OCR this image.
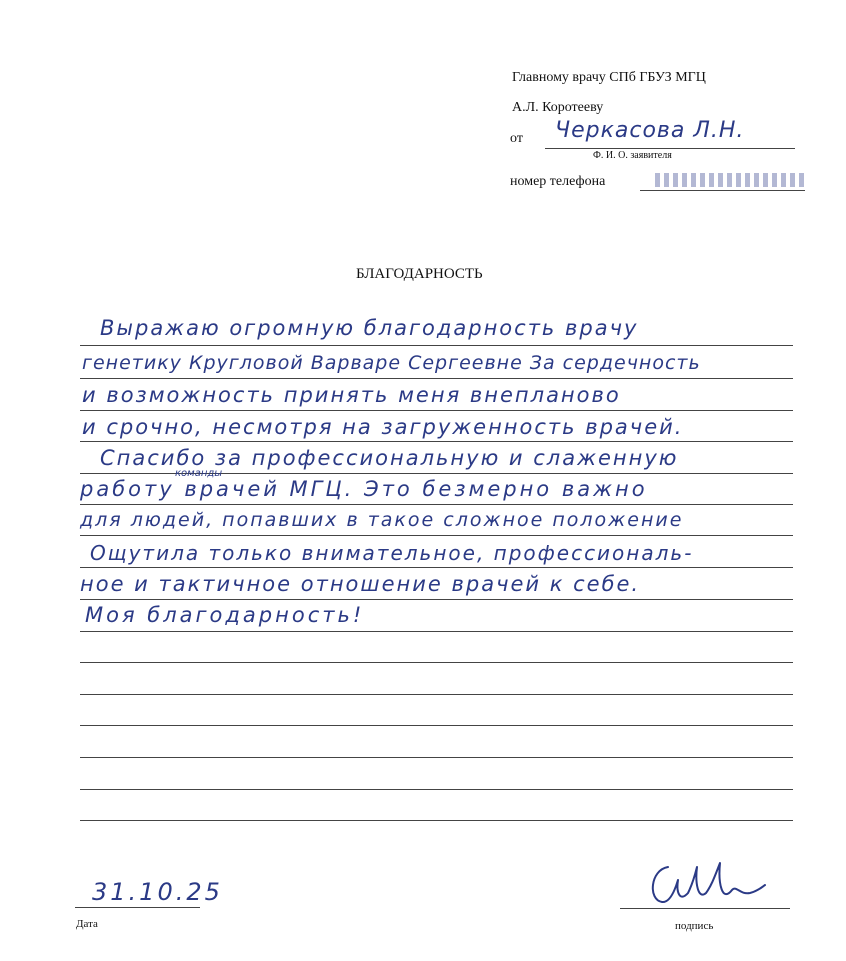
Главному врачу СПб ГБУЗ МГЦ
А.Л. Коротееву
от Черкасова Л.Н.
Ф. И. О. заявителя
номер телефона
БЛАГОДАРНОСТЬ
Выражаю огромную благодарность врачу
генетику Кругловой Варваре Сергеевне За сердечность
и возможность принять меня внепланово
и срочно, несмотря на загруженность врачей.
Спасибо за профессиональную и слаженную
работу врачей МГЦ. Это безмерно важно
команды
для людей, попавших в такое сложное положение
Ощутила только внимательное, профессиональ-
ное и тактичное отношение врачей к себе.
Моя благодарность!
31.10.25
Дата	подпись
